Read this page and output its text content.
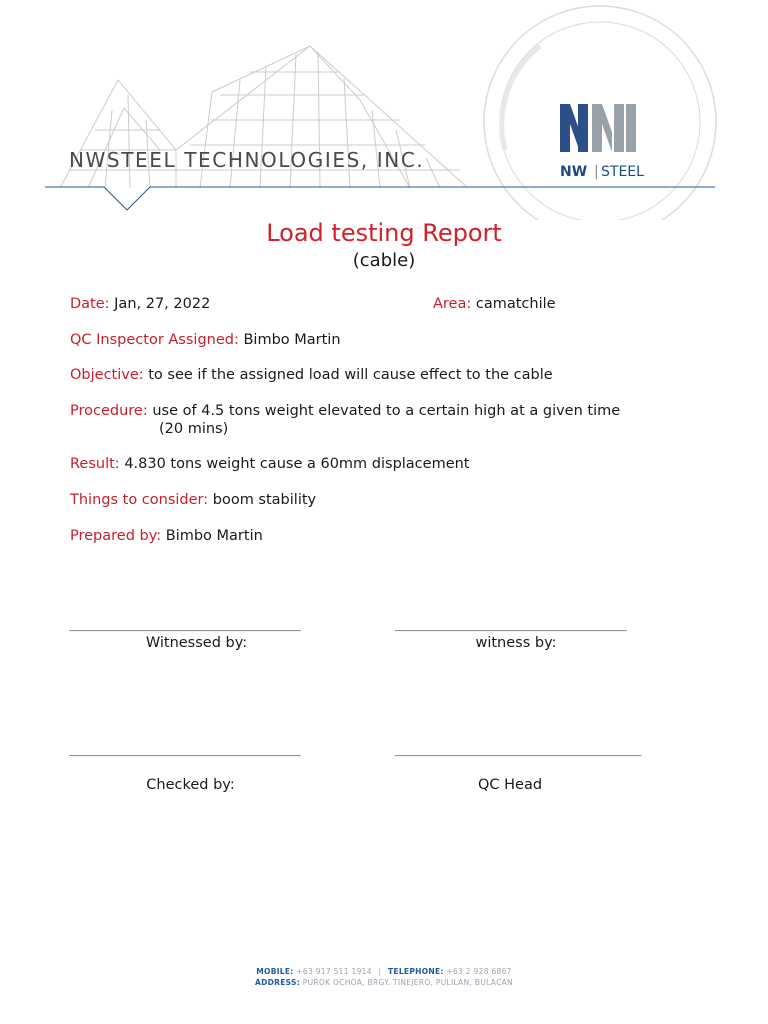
NWSTEEL TECHNOLOGIES, INC.	NW | STEEL
Load testing Report
(cable)
Date: Jan, 27, 2022	Area: camatchile
QC Inspector Assigned: Bimbo Martin
Objective: to see if the assigned load will cause effect to the cable
Procedure: use of 4.5 tons weight elevated to a certain high at a given time
(20 mins)
Result: 4.830 tons weight cause a 60mm displacement
Things to consider: boom stability
Prepared by: Bimbo Martin
________________________________	________________________________
Witnessed by:	witness by:
________________________________	__________________________________
Checked by:	QC Head
MOBILE: +63 917 511 1914 | TELEPHONE: +63 2 928 6867
ADDRESS: PUROK OCHOA, BRGY. TINEJERO, PULILAN, BULACAN
